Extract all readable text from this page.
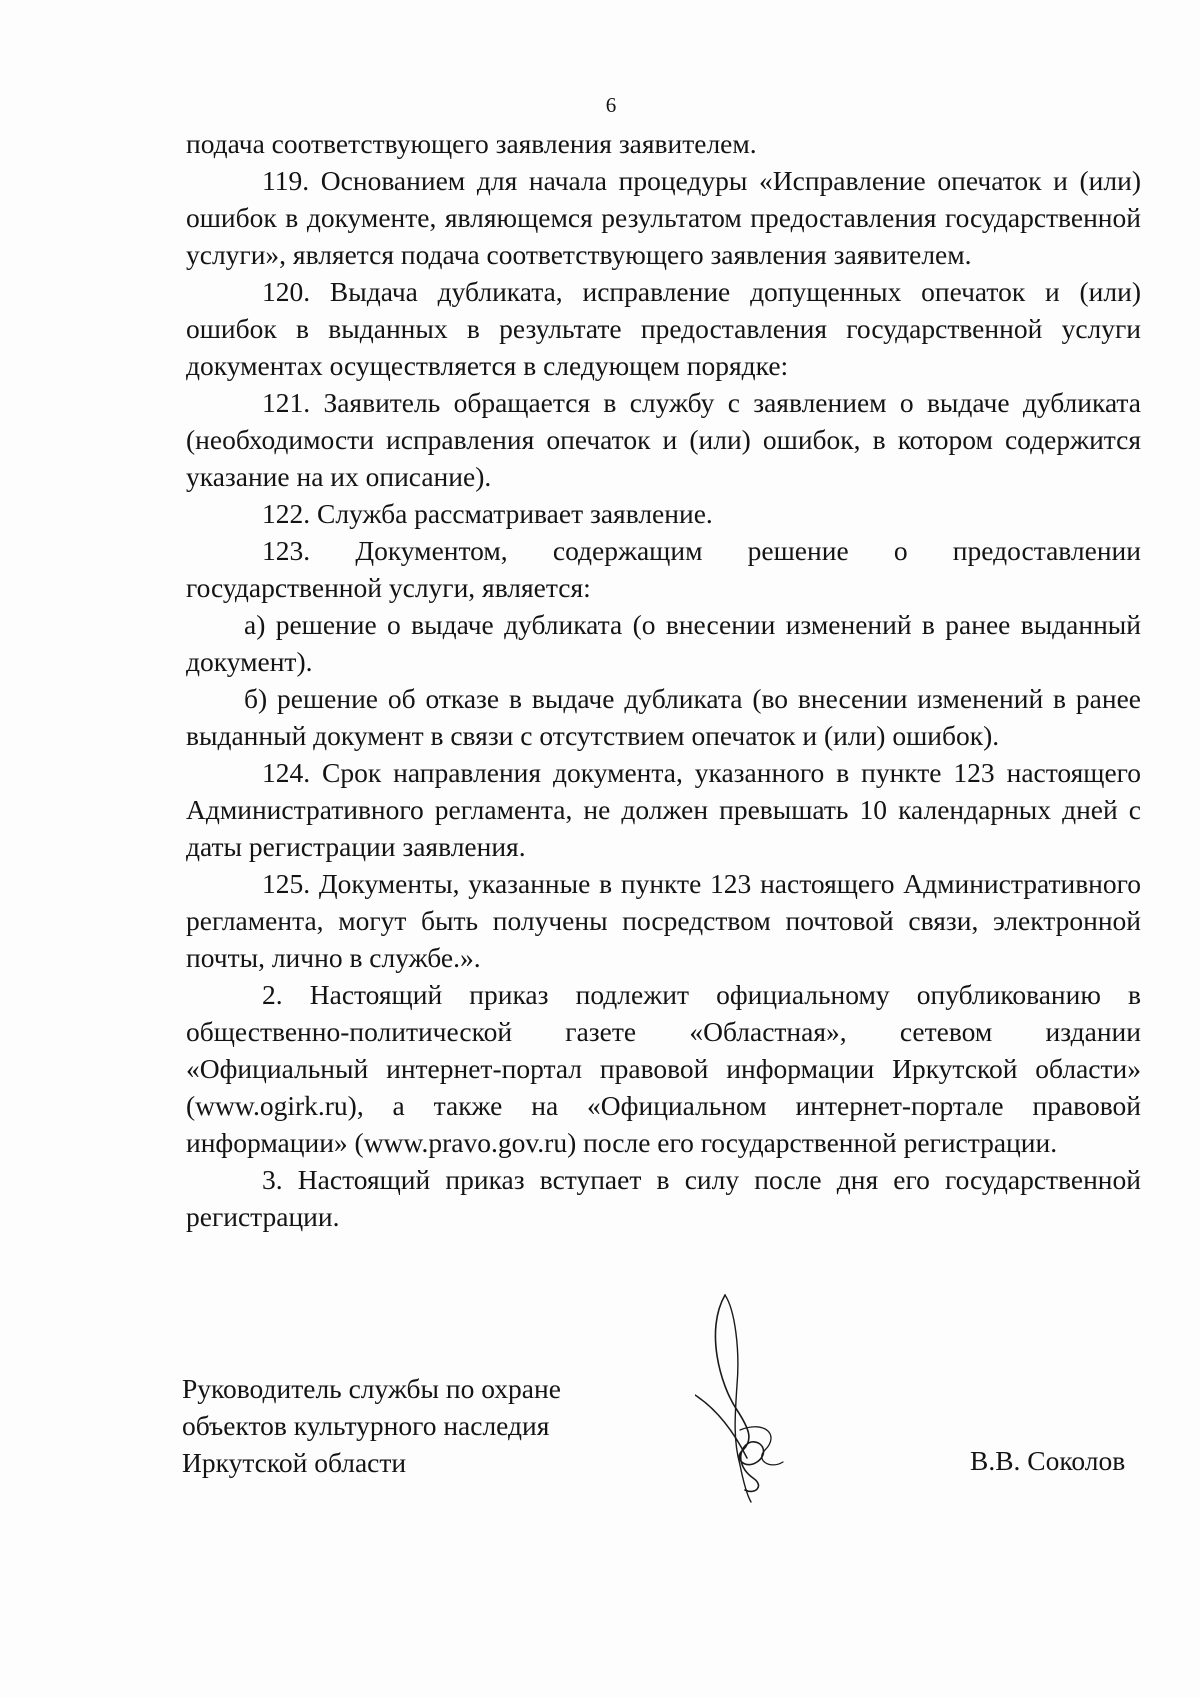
6

подача соответствующего заявления заявителем.

119. Основанием для начала процедуры «Исправление опечаток и (или) ошибок в документе, являющемся результатом предоставления государственной услуги», является подача соответствующего заявления заявителем.

120. Выдача дубликата, исправление допущенных опечаток и (или) ошибок в выданных в результате предоставления государственной услуги документах осуществляется в следующем порядке:

121. Заявитель обращается в службу с заявлением о выдаче дубликата (необходимости исправления опечаток и (или) ошибок, в котором содержится указание на их описание).

122. Служба рассматривает заявление.

123. Документом, содержащим решение о предоставлении государственной услуги, является:

а) решение о выдаче дубликата (о внесении изменений в ранее выданный документ).

б) решение об отказе в выдаче дубликата (во внесении изменений в ранее выданный документ в связи с отсутствием опечаток и (или) ошибок).

124. Срок направления документа, указанного в пункте 123 настоящего Административного регламента, не должен превышать 10 календарных дней с даты регистрации заявления.

125. Документы, указанные в пункте 123 настоящего Административного регламента, могут быть получены посредством почтовой связи, электронной почты, лично в службе.».

2. Настоящий приказ подлежит официальному опубликованию в общественно-политической газете «Областная», сетевом издании «Официальный интернет-портал правовой информации Иркутской области» (www.ogirk.ru), а также на «Официальном интернет-портале правовой информации» (www.pravo.gov.ru) после его государственной регистрации.

3. Настоящий приказ вступает в силу после дня его государственной регистрации.

Руководитель службы по охране
объектов культурного наследия
Иркутской области	В.В. Соколов
